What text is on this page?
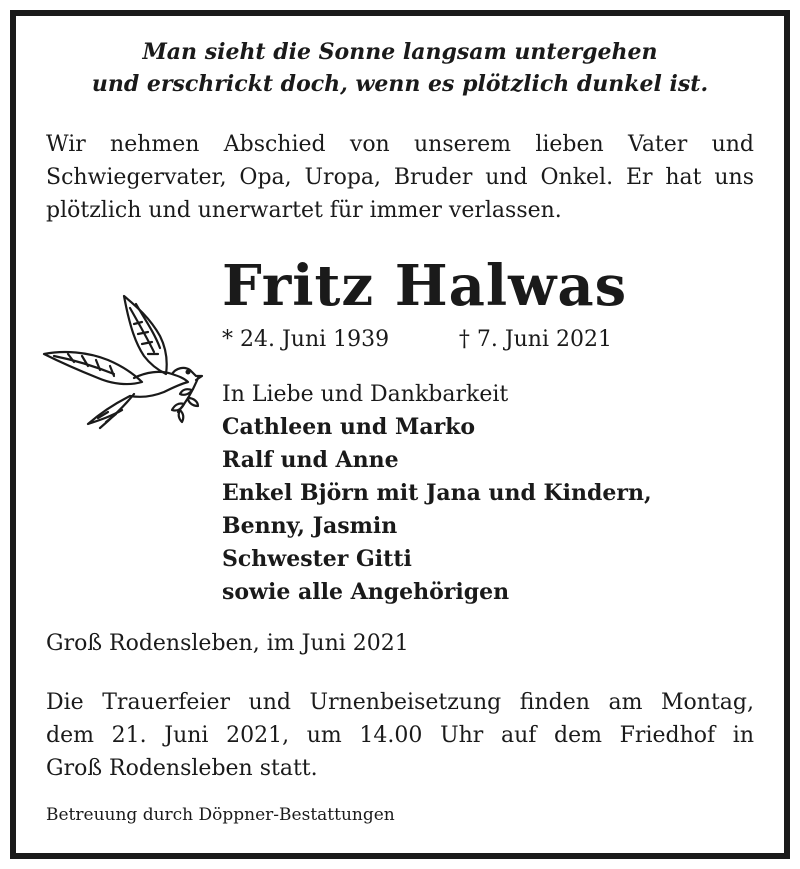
Man sieht die Sonne langsam untergehen
und erschrickt doch, wenn es plötzlich dunkel ist.
Wir nehmen Abschied von unserem lieben Vater und
Schwiegervater, Opa, Uropa, Bruder und Onkel. Er hat uns
plötzlich und unerwartet für immer verlassen.
Fritz Halwas
* 24. Juni 1939	† 7. Juni 2021
In Liebe und Dankbarkeit
Cathleen und Marko
Ralf und Anne
Enkel Björn mit Jana und Kindern,
Benny, Jasmin
Schwester Gitti
sowie alle Angehörigen
Groß Rodensleben, im Juni 2021
Die Trauerfeier und Urnenbeisetzung finden am Montag,
dem 21. Juni 2021, um 14.00 Uhr auf dem Friedhof in
Groß Rodensleben statt.
Betreuung durch Döppner-Bestattungen
